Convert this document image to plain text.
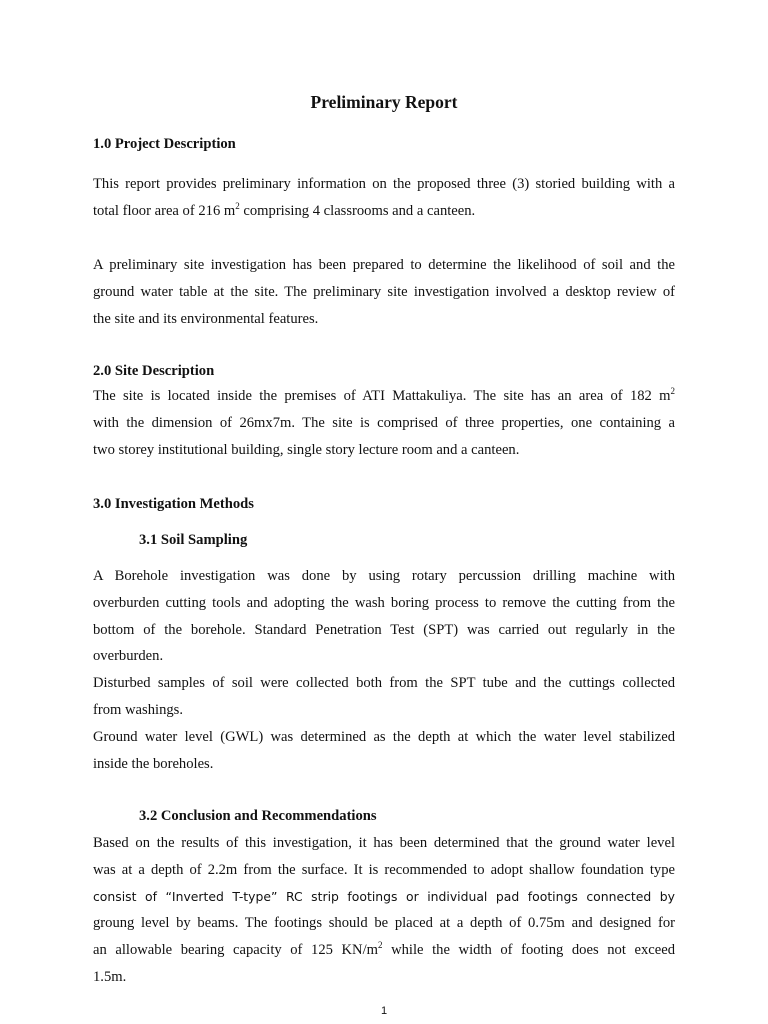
Preliminary Report
1.0 Project Description
This report provides preliminary information on the proposed three (3) storied building with a
total floor area of 216 $m^2$ comprising 4 classrooms and a canteen.
A preliminary site investigation has been prepared to determine the likelihood of soil and the
ground water table at the site. The preliminary site investigation involved a desktop review of
the site and its environmental features.
2.0 Site Description
The site is located inside the premises of ATI Mattakuliya. The site has an area of 182 $m^2$
with the dimension of 26mx7m. The site is comprised of three properties, one containing a
two storey institutional building, single story lecture room and a canteen.
3.0 Investigation Methods
3.1 Soil Sampling
A Borehole investigation was done by using rotary percussion drilling machine with
overburden cutting tools and adopting the wash boring process to remove the cutting from the
bottom of the borehole. Standard Penetration Test (SPT) was carried out regularly in the
overburden.
Disturbed samples of soil were collected both from the SPT tube and the cuttings collected
from washings.
Ground water level (GWL) was determined as the depth at which the water level stabilized
inside the boreholes.
3.2 Conclusion and Recommendations
Based on the results of this investigation, it has been determined that the ground water level
was at a depth of 2.2m from the surface. It is recommended to adopt shallow foundation type
consist of “Inverted T-type” RC strip footings or individual pad footings connected by
groung level by beams. The footings should be placed at a depth of 0.75m and designed for
an allowable bearing capacity of 125 $KN/m^2$ while the width of footing does not exceed
1.5m.
1
